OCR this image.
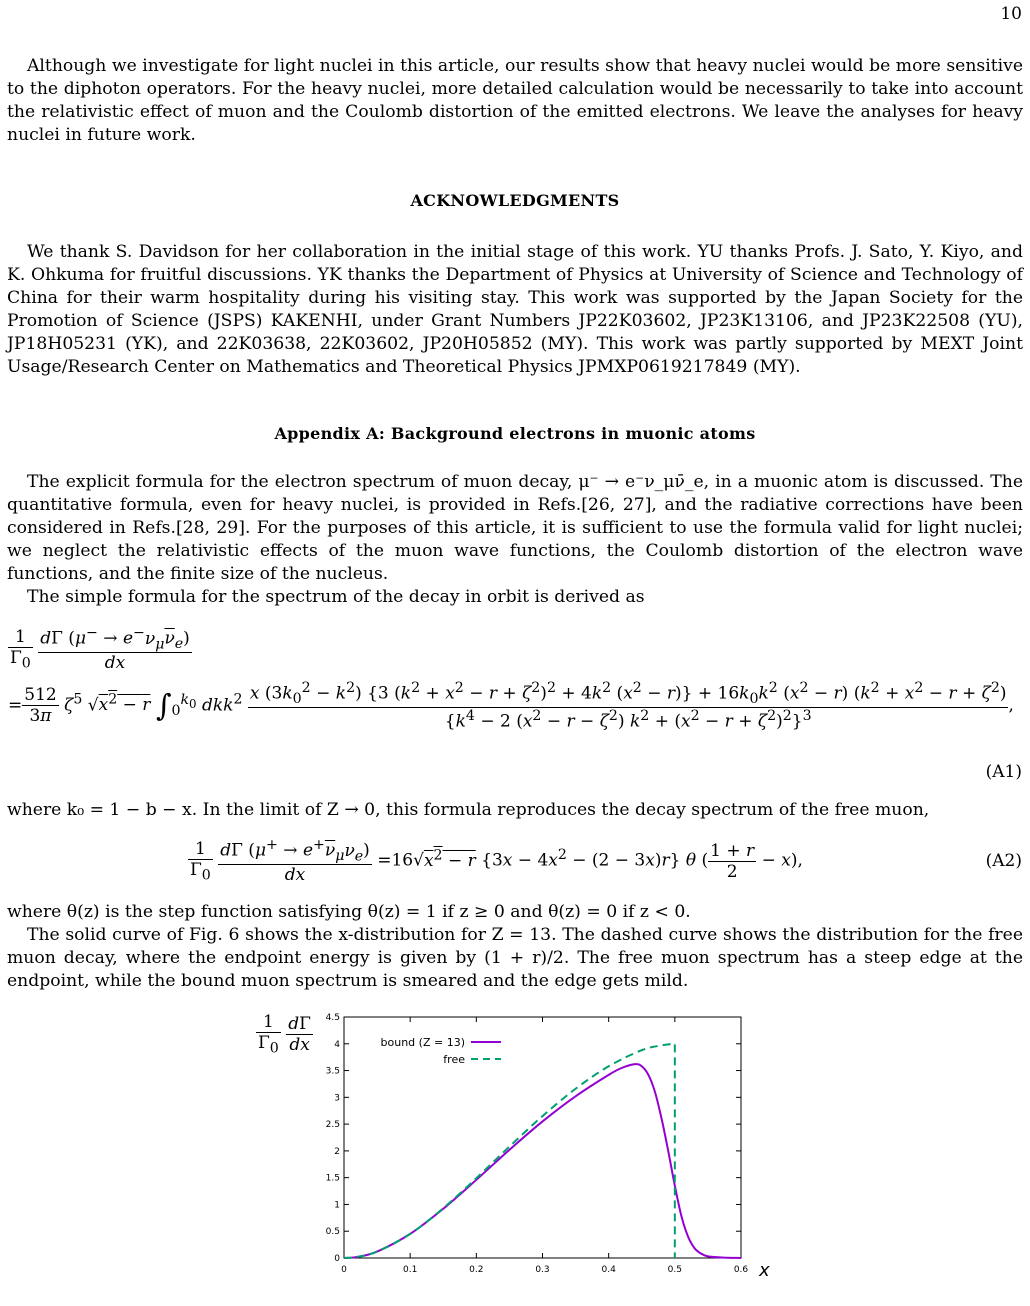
10

Although we investigate for light nuclei in this article, our results show that heavy nuclei would be more sensitive to the diphoton operators. For the heavy nuclei, more detailed calculation would be necessarily to take into account the relativistic effect of muon and the Coulomb distortion of the emitted electrons. We leave the analyses for heavy nuclei in future work.

ACKNOWLEDGMENTS

We thank S. Davidson for her collaboration in the initial stage of this work. YU thanks Profs. J. Sato, Y. Kiyo, and K. Ohkuma for fruitful discussions. YK thanks the Department of Physics at University of Science and Technology of China for their warm hospitality during his visiting stay. This work was supported by the Japan Society for the Promotion of Science (JSPS) KAKENHI, under Grant Numbers JP22K03602, JP23K13106, and JP23K22508 (YU), JP18H05231 (YK), and 22K03638, 22K03602, JP20H05852 (MY). This work was partly supported by MEXT Joint Usage/Research Center on Mathematics and Theoretical Physics JPMXP0619217849 (MY).

Appendix A: Background electrons in muonic atoms

The explicit formula for the electron spectrum of muon decay, μ⁻ → e⁻ν_μν̄_e, in a muonic atom is discussed. The quantitative formula, even for heavy nuclei, is provided in Refs.[26, 27], and the radiative corrections have been considered in Refs.[28, 29]. For the purposes of this article, it is sufficient to use the formula valid for light nuclei; we neglect the relativistic effects of the muon wave functions, the Coulomb distortion of the electron wave functions, and the finite size of the nucleus.

The simple formula for the spectrum of the decay in orbit is derived as

$\frac{1}{\Gamma_0}$
$\frac{d\Gamma (\mu^- \to e^-\nu_\mu\overline{\nu}_e)}{dx}$
= $\frac{512}{3\pi} \zeta^5$ $√x^2 - r$ $\int_0^{k_0}$ dkk$^2$ x $(3k_0^2 - k^2)$ {3 $(k^2 + x^2 - r + \zeta^2)^2 + 4k^2$ $(x^2 - r)\} + 16k_0k^2$ $(x^2 - r) (k^2 + x^2 - r + \zeta^2)$
{$k^4 - 2$ $(x^2 - r - \zeta^2) k^2 + (x^2 - r + \zeta^2)^2\}^3$
,
(A1)

where k₀ = 1 − b − x. In the limit of Z → 0, this formula reproduces the decay spectrum of the free muon,

$\frac{1}{\Gamma_0}$
$\frac{d\Gamma (\mu^+ \to e^+\overline{\nu}_\mu\nu_e)}{dx} =16√x^2 - r$ $\{3x - 4x^2 - (2 - 3x)r\}$ θ ( $\frac{1 + r}{2} - x$),	(A2)

where θ(z) is the step function satisfying θ(z) = 1 if z ≥ 0 and θ(z) = 0 if z < 0.

The solid curve of Fig. 6 shows the x-distribution for Z = 13. The dashed curve shows the distribution for the free muon decay, where the endpoint energy is given by (1 + r)/2. The free muon spectrum has a steep edge at the endpoint, while the bound muon spectrum is smeared and the edge gets mild.

$\frac{1}{\Gamma_0}$
$\frac{d\Gamma}{dx}$
0	0.1	0.2	0.3	0.4	0.5	0.6
0
0.5
1
1.5
2
2.5
3
3.5
4
4.5
x
bound (Z = 13)
free
